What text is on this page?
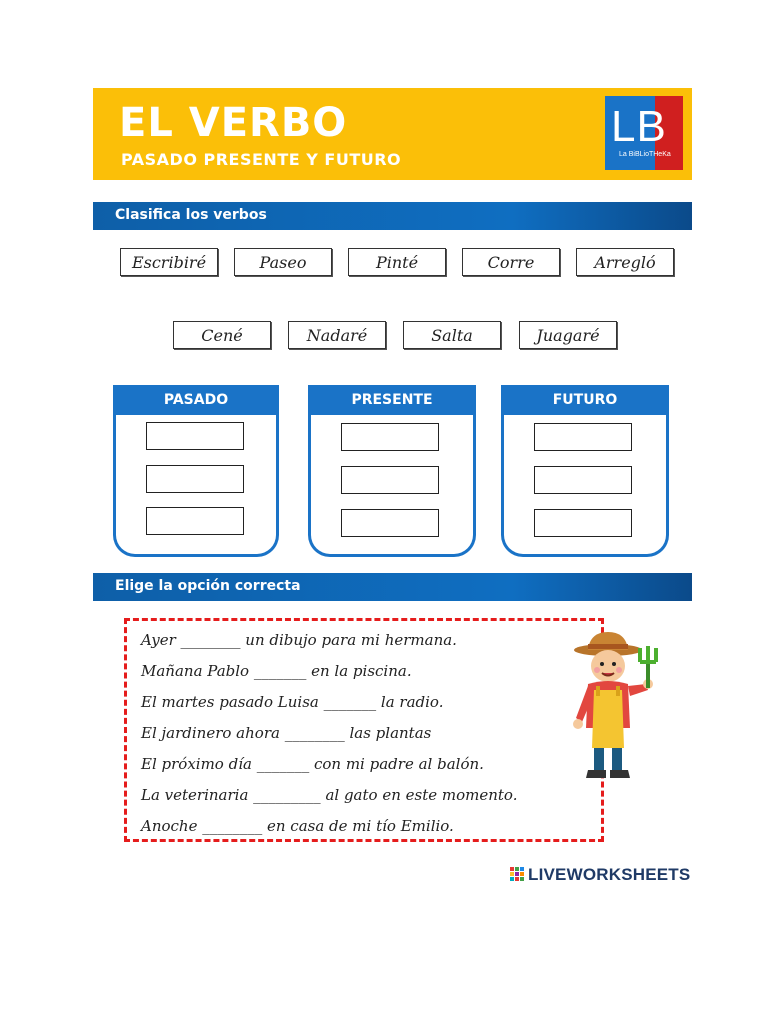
EL VERBO
PASADO PRESENTE Y FUTURO
LB
La BiBLioTHeKa
Clasifica los verbos
Escribiré	Paseo	Pinté	Corre	Arregló
Cené	Nadaré	Salta	Juagaré
PASADO	PRESENTE	FUTURO
Elige la opción correcta
Ayer ________ un dibujo para mi hermana.
Mañana Pablo _______ en la piscina.
El martes pasado Luisa _______ la radio.
El jardinero ahora ________ las plantas
El próximo día _______ con mi padre al balón.
La veterinaria _________ al gato en este momento.
Anoche ________ en casa de mi tío Emilio.
LIVEWORKSHEETS
